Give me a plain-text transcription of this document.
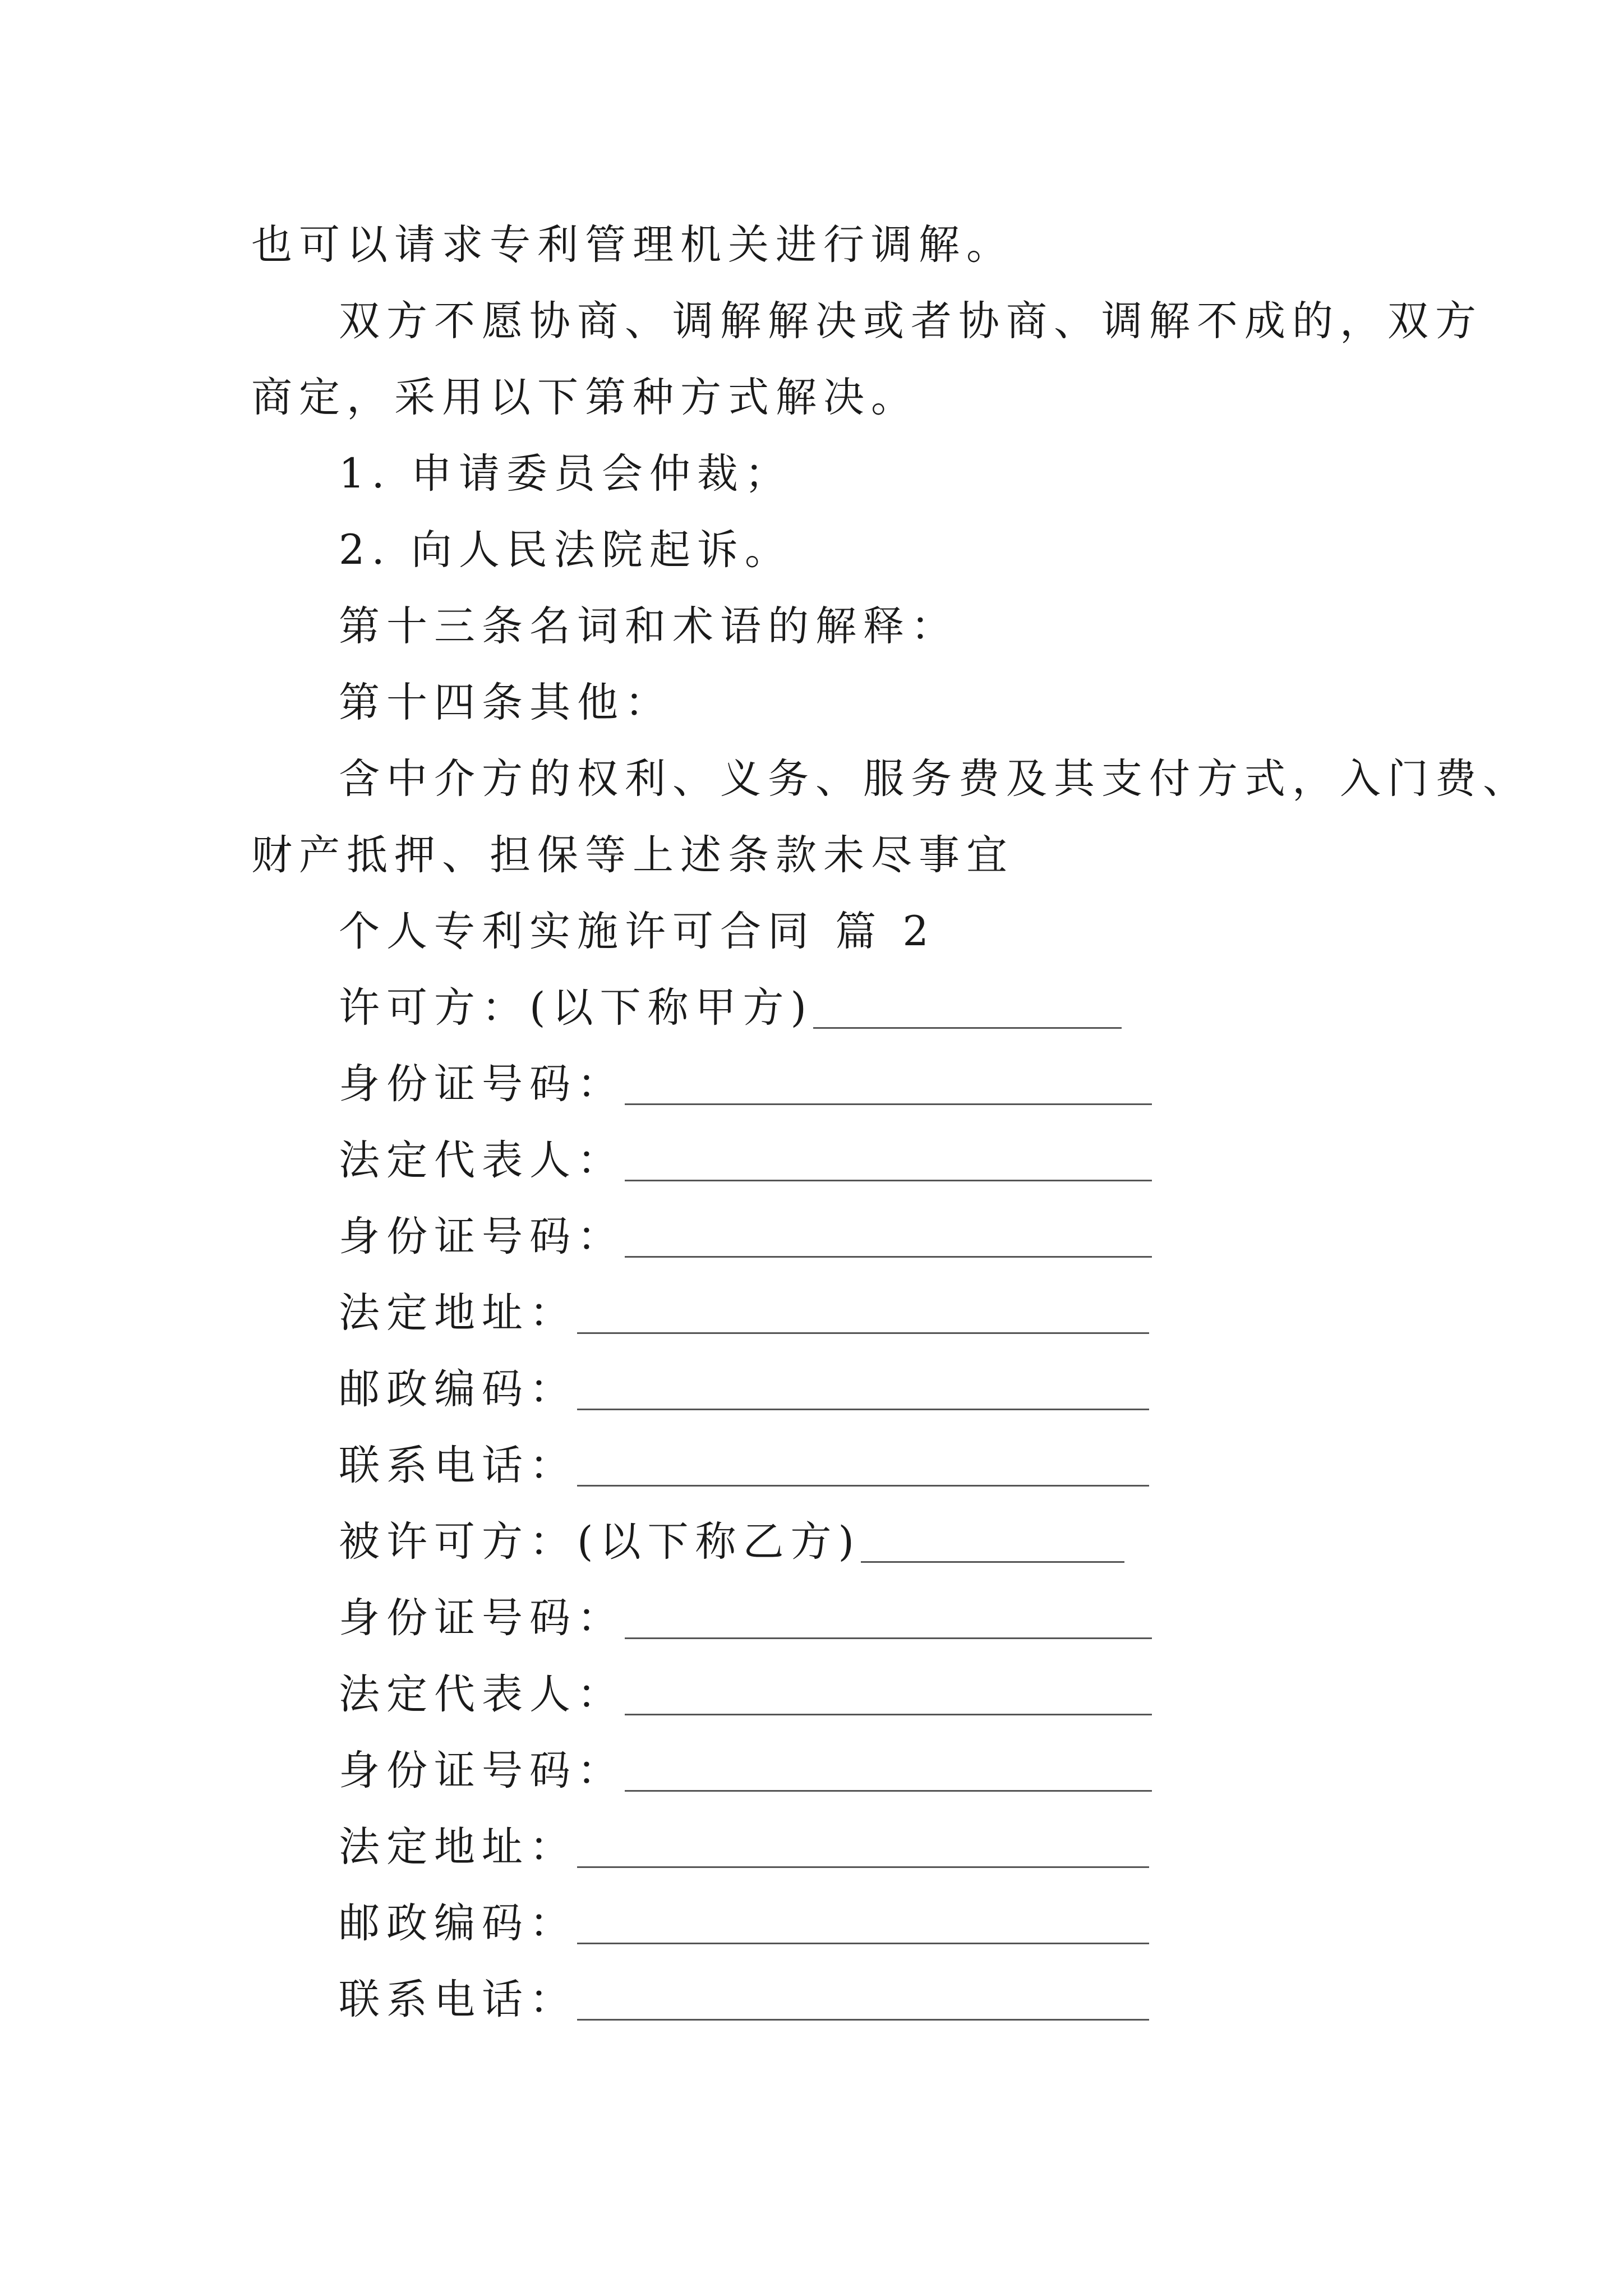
也可以请求专利管理机关进行调解。
双方不愿协商、调解解决或者协商、调解不成的，双方
商定，采用以下第种方式解决。
1. 申请委员会仲裁；
2. 向人民法院起诉。
第十三条名词和术语的解释：
第十四条其他：
含中介方的权利、义务、服务费及其支付方式，入门费、
财产抵押、担保等上述条款未尽事宜
个人专利实施许可合同 篇 2
许可方：(以下称甲方)
身份证号码：
法定代表人：
身份证号码：
法定地址：
邮政编码：
联系电话：
被许可方：(以下称乙方)
身份证号码：
法定代表人：
身份证号码：
法定地址：
邮政编码：
联系电话：
